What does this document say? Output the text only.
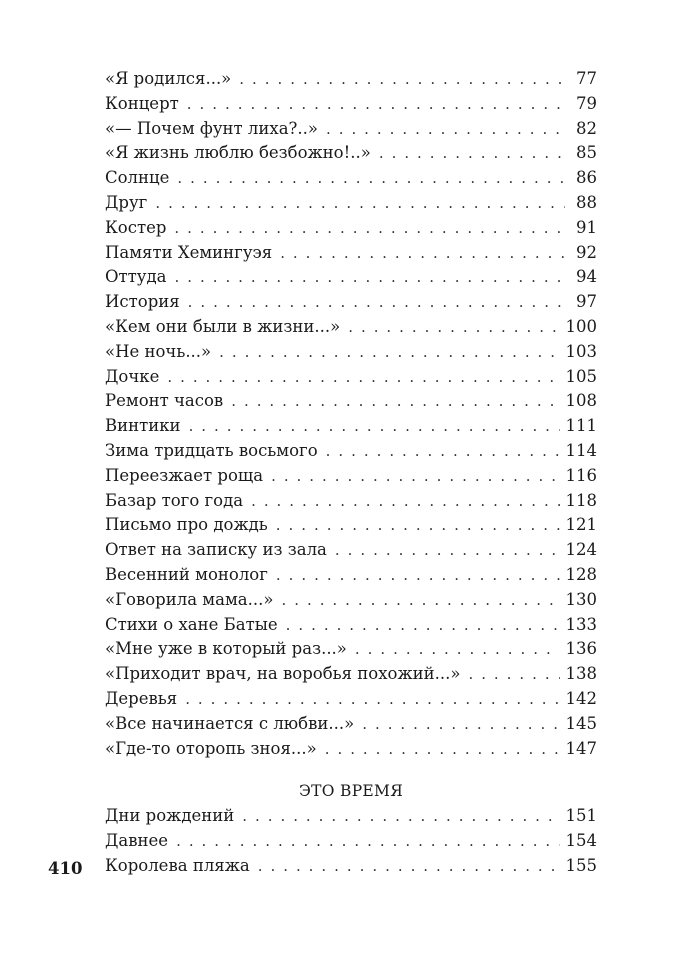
«Я родился...» . . .	77
Концерт . . .	79
«— Почем фунт лиха?..» . . .	82
«Я жизнь люблю безбожно!..» . . .	85
Солнце . . .	86
Друг . . .	88
Костер . . .	91
Памяти Хемингуэя . . .	92
Оттуда . . .	94
История . . .	97
«Кем они были в жизни...» . . .	100
«Не ночь...» . . .	103
Дочке . . .	105
Ремонт часов . . .	108
Винтики . . .	111
Зима тридцать восьмого . . .	114
Переезжает роща . . .	116
Базар того года . . .	118
Письмо про дождь . . .	121
Ответ на записку из зала . . .	124
Весенний монолог . . .	128
«Говорила мама...» . . .	130
Стихи о хане Батые . . .	133
«Мне уже в который раз...» . . .	136
«Приходит врач, на воробья похожий...» . . .	138
Деревья . . .	142
«Все начинается с любви...» . . .	145
«Где-то оторопь зноя...» . . .	147
ЭТО ВРЕМЯ
Дни рождений . . .	151
Давнее . . .	154
Королева пляжа . . .	155
410
